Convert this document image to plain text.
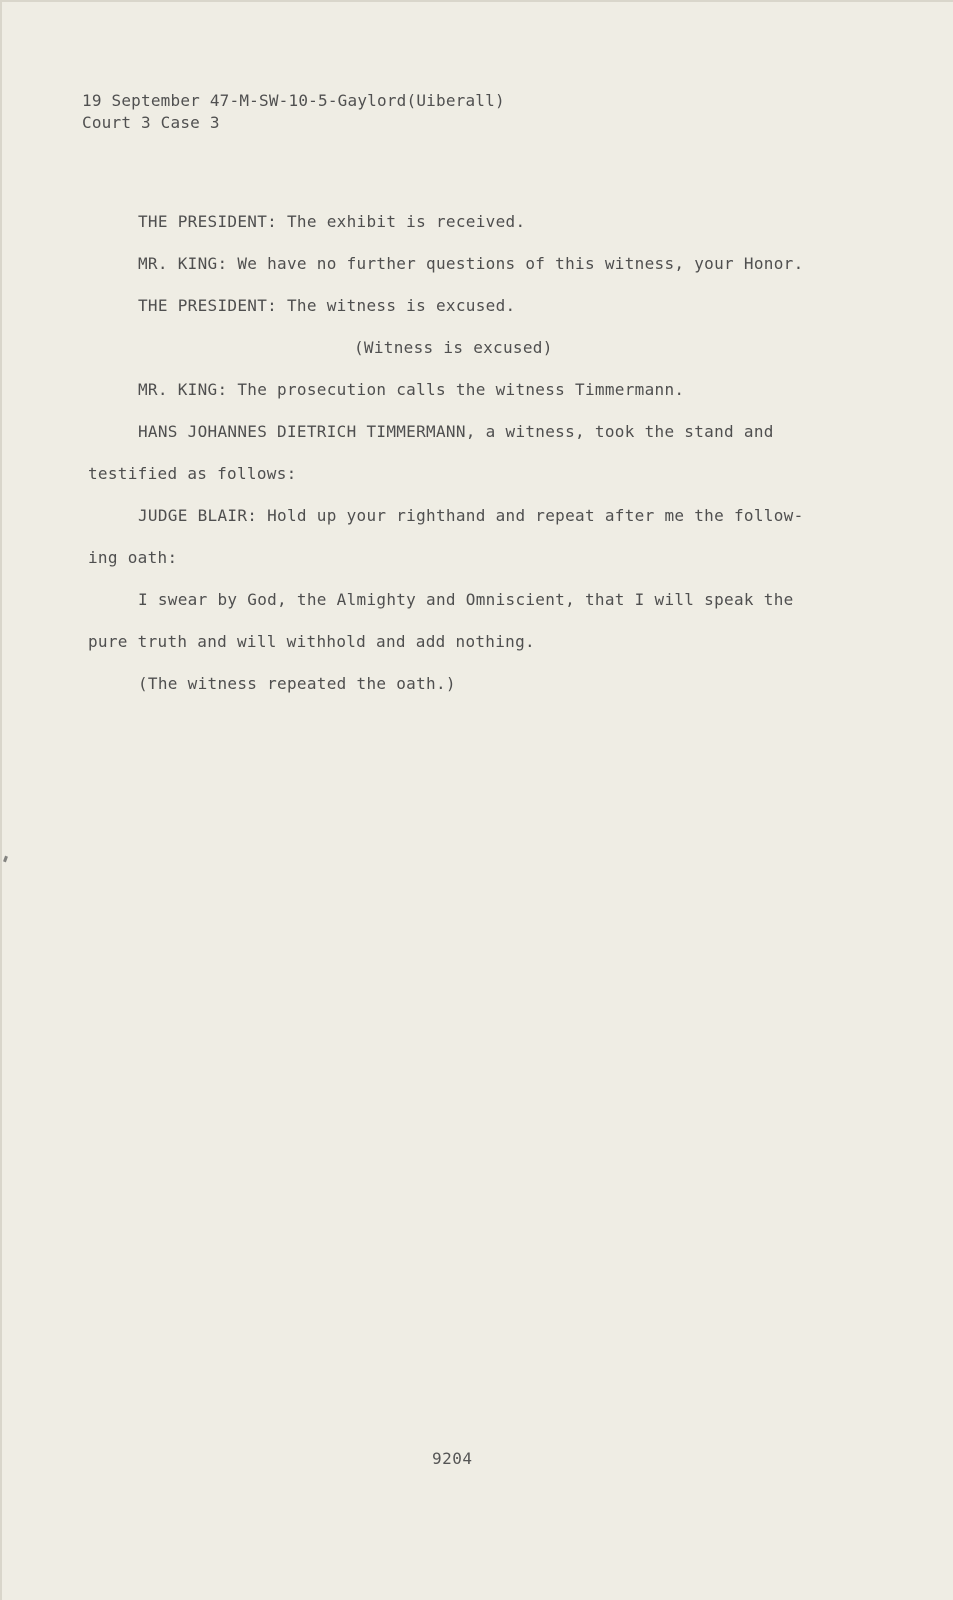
19 September 47-M-SW-10-5-Gaylord(Uiberall)
Court 3 Case 3
THE PRESIDENT: The exhibit is received.
MR. KING: We have no further questions of this witness, your Honor.
THE PRESIDENT: The witness is excused.
(Witness is excused)
MR. KING: The prosecution calls the witness Timmermann.
HANS JOHANNES DIETRICH TIMMERMANN, a witness, took the stand and
testified as follows:
JUDGE BLAIR: Hold up your righthand and repeat after me the follow-
ing oath:
I swear by God, the Almighty and Omniscient, that I will speak the
pure truth and will withhold and add nothing.
(The witness repeated the oath.)
9204
